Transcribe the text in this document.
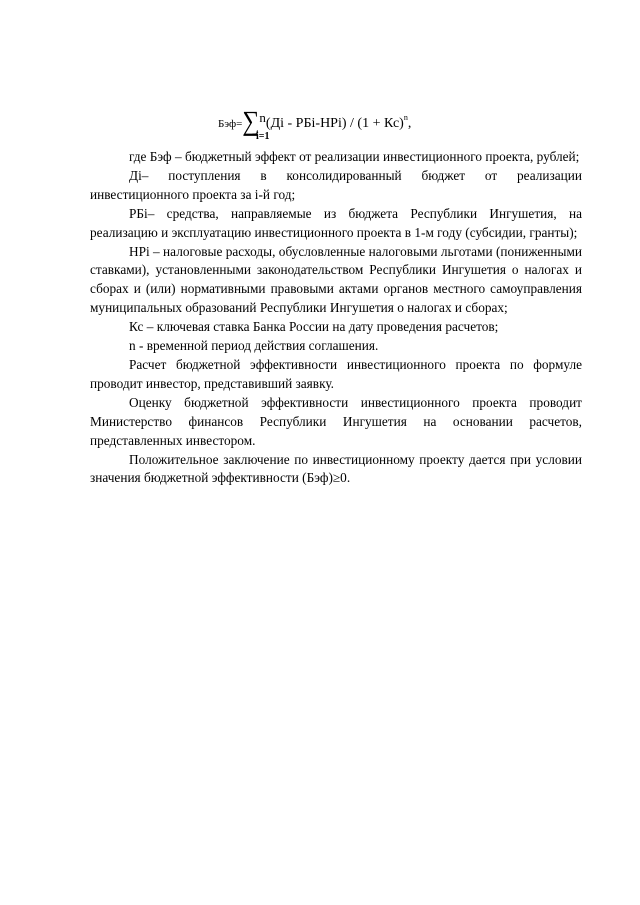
Бэф=∑n(Дi - РБi-НРi) / (1 + Кс)$^n$,
i=1

где Бэф – бюджетный эффект от реализации инвестиционного проекта, рублей;

Дi– поступления в консолидированный бюджет от реализации инвестиционного проекта за i-й год;

РБi– средства, направляемые из бюджета Республики Ингушетия, на реализацию и эксплуатацию инвестиционного проекта в 1-м году (субсидии, гранты);

НРi – налоговые расходы, обусловленные налоговыми льготами (пониженными ставками), установленными законодательством Республики Ингушетия о налогах и сборах и (или) нормативными правовыми актами органов местного самоуправления муниципальных образований Республики Ингушетия о налогах и сборах;

Кс – ключевая ставка Банка России на дату проведения расчетов;

n - временной период действия соглашения.

Расчет бюджетной эффективности инвестиционного проекта по формуле проводит инвестор, представивший заявку.

Оценку бюджетной эффективности инвестиционного проекта проводит Министерство финансов Республики Ингушетия на основании расчетов, представленных инвестором.

Положительное заключение по инвестиционному проекту дается при условии значения бюджетной эффективности (Бэф)≥0.
